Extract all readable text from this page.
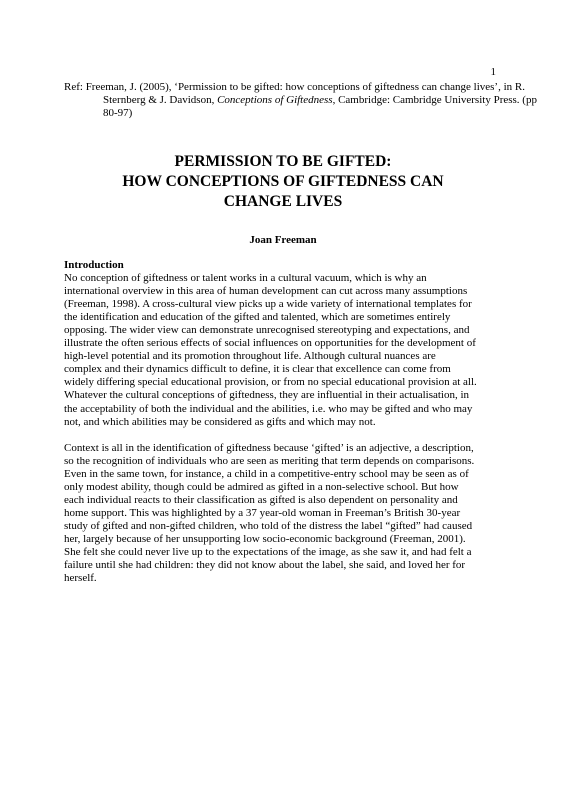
1
Ref: Freeman, J. (2005), ‘Permission to be gifted: how conceptions of giftedness can change lives’, in R. Sternberg & J. Davidson, Conceptions of Giftedness, Cambridge: Cambridge University Press. (pp 80-97)
PERMISSION TO BE GIFTED:
HOW CONCEPTIONS OF GIFTEDNESS CAN
CHANGE LIVES
Joan Freeman
Introduction
No conception of giftedness or talent works in a cultural vacuum, which is why an
international overview in this area of human development can cut across many assumptions
(Freeman, 1998). A cross-cultural view picks up a wide variety of international templates for
the identification and education of the gifted and talented, which are sometimes entirely
opposing. The wider view can demonstrate unrecognised stereotyping and expectations, and
illustrate the often serious effects of social influences on opportunities for the development of
high-level potential and its promotion throughout life. Although cultural nuances are
complex and their dynamics difficult to define, it is clear that excellence can come from
widely differing special educational provision, or from no special educational provision at all.
Whatever the cultural conceptions of giftedness, they are influential in their actualisation, in
the acceptability of both the individual and the abilities, i.e. who may be gifted and who may
not, and which abilities may be considered as gifts and which may not.
Context is all in the identification of giftedness because ‘gifted’ is an adjective, a description,
so the recognition of individuals who are seen as meriting that term depends on comparisons.
Even in the same town, for instance, a child in a competitive-entry school may be seen as of
only modest ability, though could be admired as gifted in a non-selective school. But how
each individual reacts to their classification as gifted is also dependent on personality and
home support. This was highlighted by a 37 year-old woman in Freeman’s British 30-year
study of gifted and non-gifted children, who told of the distress the label “gifted” had caused
her, largely because of her unsupporting low socio-economic background (Freeman, 2001).
She felt she could never live up to the expectations of the image, as she saw it, and had felt a
failure until she had children: they did not know about the label, she said, and loved her for
herself.
